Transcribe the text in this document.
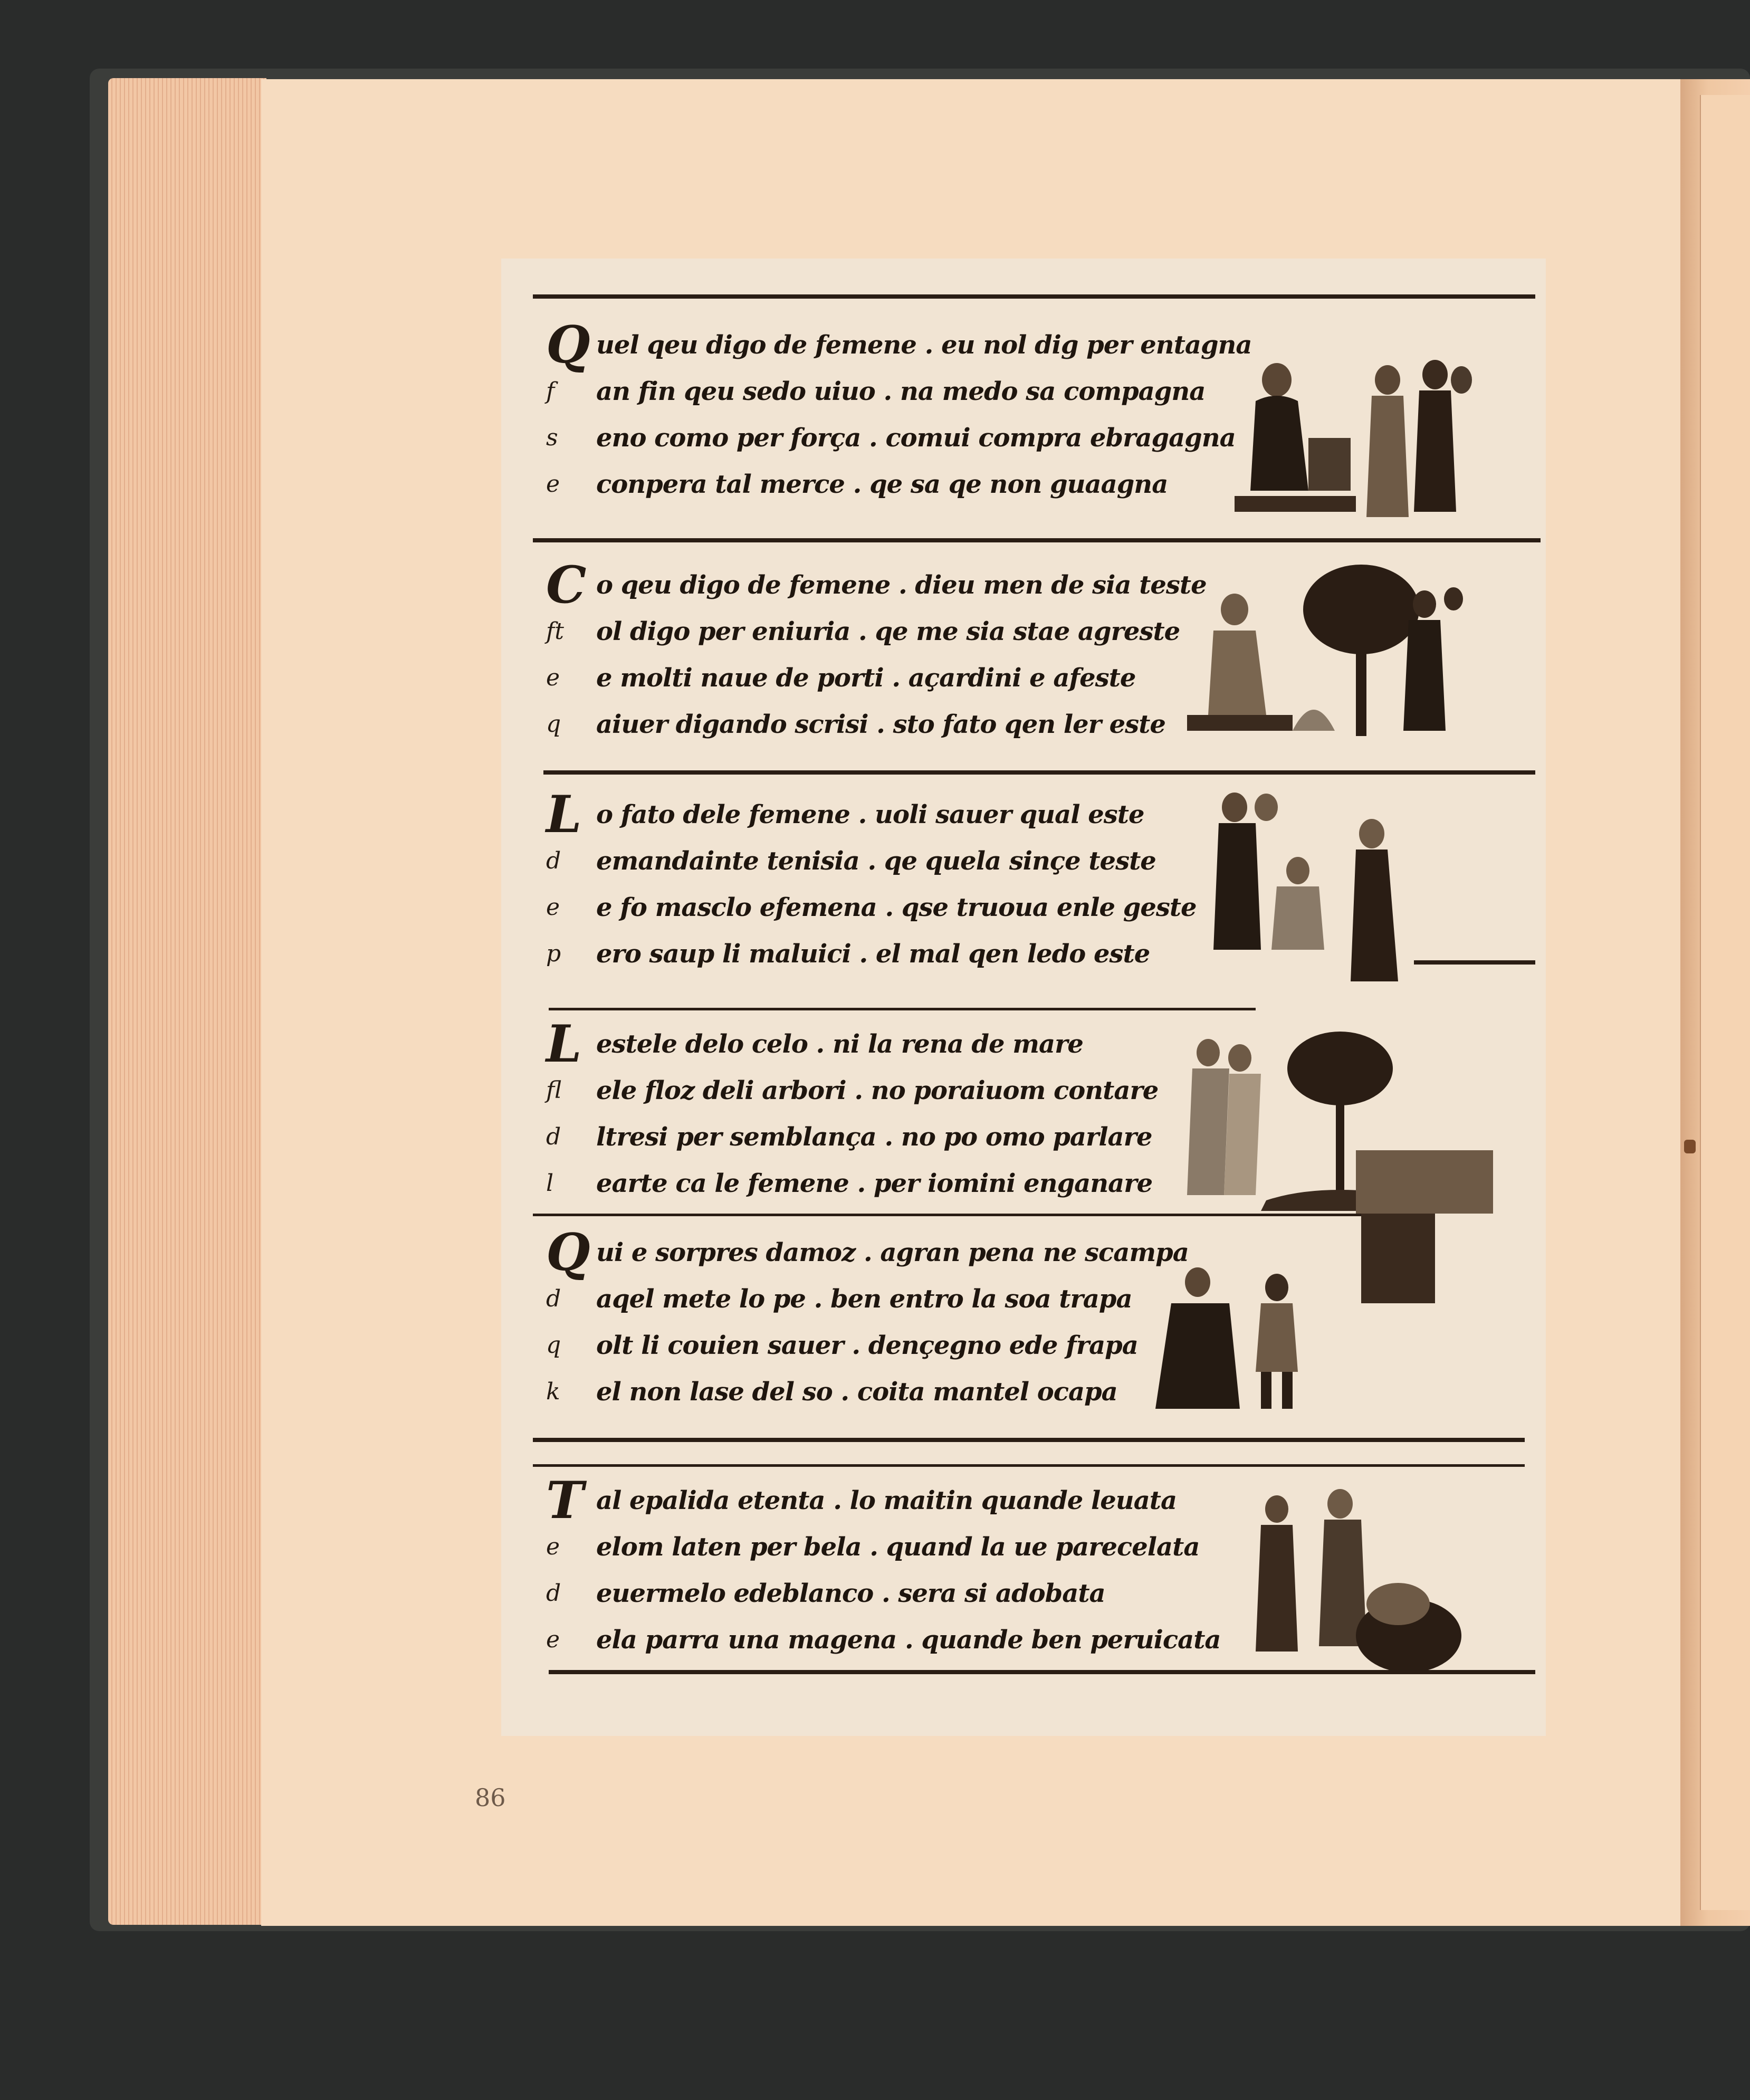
Q
f
s
e
uel qeu digo de femene . eu nol dig per entagna
an fin qeu sedo uiuo . na medo sa compagna
eno como per força . comui compra ebragagna
conpera tal merce . qe sa qe non guaagna
C
ft
e
q
o qeu digo de femene . dieu men de sia teste
ol digo per eniuria . qe me sia stae agreste
e molti naue de porti . açardini e afeste
aiuer digando scrisi . sto fato qen ler este
L
d
e
p
o fato dele femene . uoli sauer qual este
emandainte tenisia . qe quela sinçe teste
e fo masclo efemena . qse truoua enle geste
ero saup li maluici . el mal qen ledo este
L
fl
d
l
estele delo celo . ni la rena de mare
ele floz deli arbori . no poraiuom contare
ltresi per semblança . no po omo parlare
earte ca le femene . per iomini enganare
Q
d
q
k
ui e sorpres damoz . agran pena ne scampa
aqel mete lo pe . ben entro la soa trapa
olt li couien sauer . dençegno ede frapa
el non lase del so . coita mantel ocapa
T
e
d
e
al epalida etenta . lo maitin quande leuata
elom laten per bela . quand la ue parecelata
euermelo edeblanco . sera si adobata
ela parra una magena . quande ben peruicata
86
